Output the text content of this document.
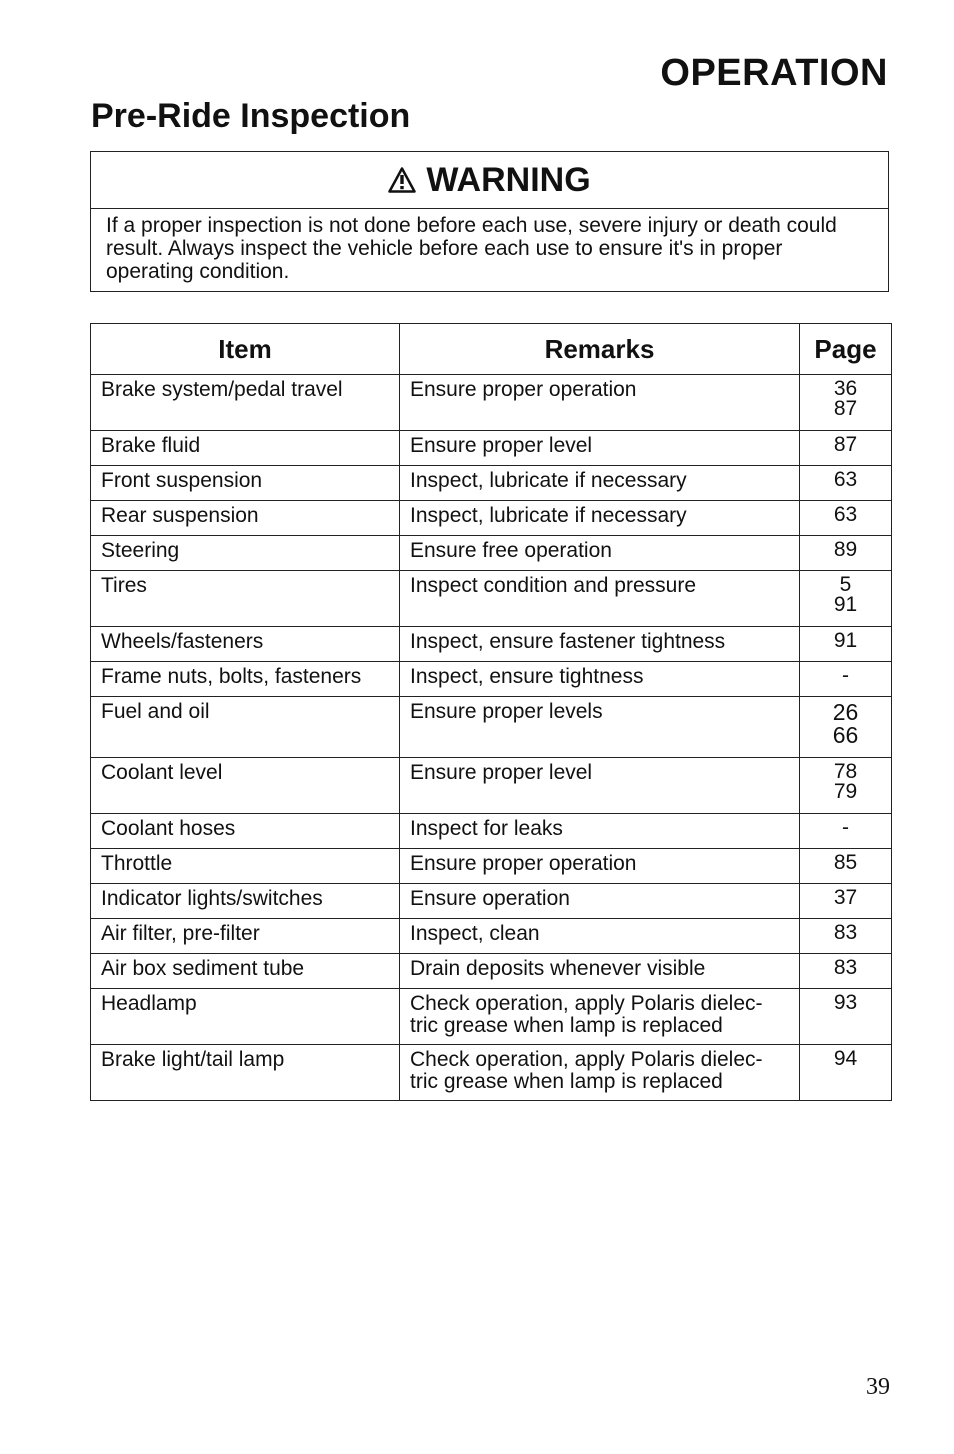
OPERATION
Pre-Ride Inspection
WARNING
If a proper inspection is not done before each use, severe injury or death could result. Always inspect the vehicle before each use to ensure it's in proper operating condition.
Item	Remarks	Page
Brake system/pedal travel	Ensure proper operation	36
87

Brake fluid	Ensure proper level	87

Front suspension	Inspect, lubricate if necessary	63

Rear suspension	Inspect, lubricate if necessary	63

Steering	Ensure free operation	89

Tires	Inspect condition and pressure	5
91

Wheels/fasteners	Inspect, ensure fastener tightness	91

Frame nuts, bolts, fasteners	Inspect, ensure tightness	-

Fuel and oil	Ensure proper levels	26
66

Coolant level	Ensure proper level	78
79

Coolant hoses	Inspect for leaks	-

Throttle	Ensure proper operation	85

Indicator lights/switches	Ensure operation	37

Air filter, pre-filter	Inspect, clean	83

Air box sediment tube	Drain deposits whenever visible	83

Headlamp	Check operation, apply Polaris dielec-
tric grease when lamp is replaced	93

Brake light/tail lamp	Check operation, apply Polaris dielec-
tric grease when lamp is replaced	94
39
